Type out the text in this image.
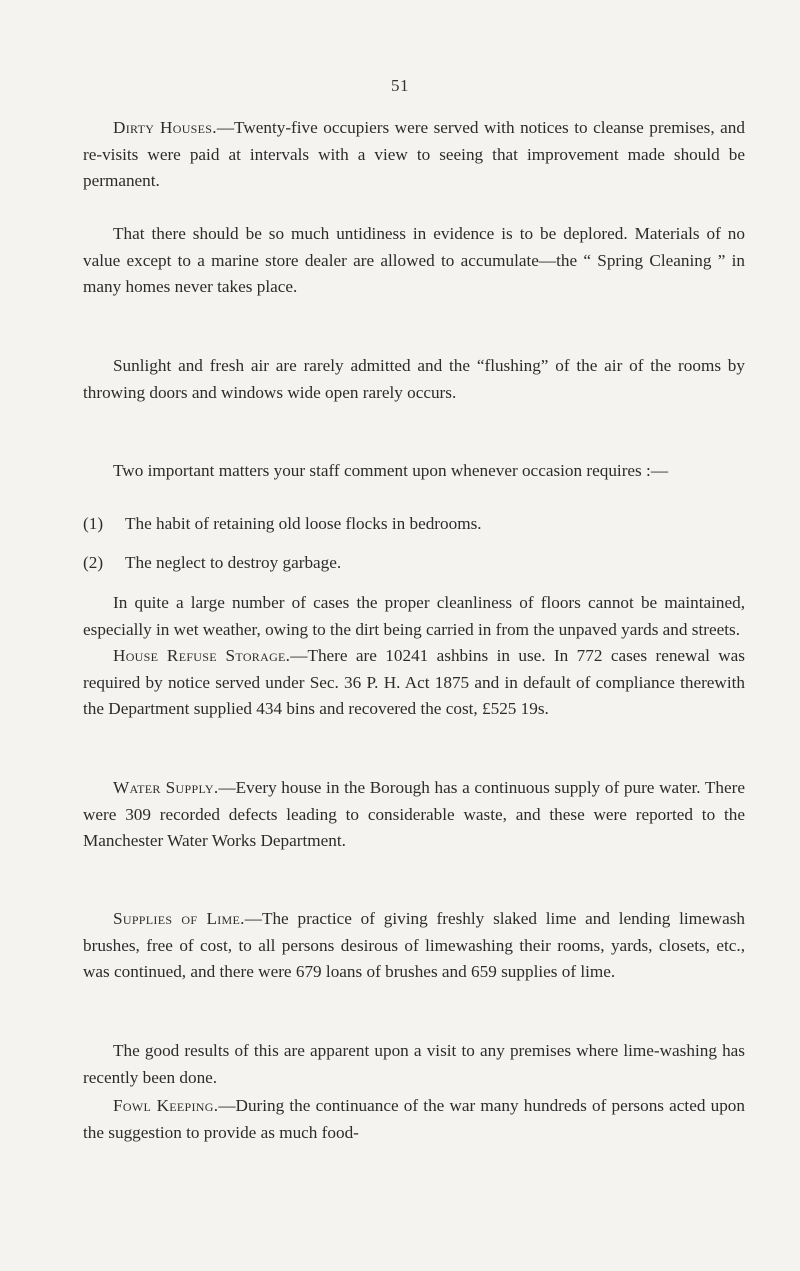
51

Dirty Houses.—Twenty-five occupiers were served with notices to cleanse premises, and re-visits were paid at intervals with a view to seeing that improvement made should be permanent.

That there should be so much untidiness in evidence is to be deplored. Materials of no value except to a marine store dealer are allowed to accumulate—the “ Spring Cleaning ” in many homes never takes place.

Sunlight and fresh air are rarely admitted and the “flushing” of the air of the rooms by throwing doors and windows wide open rarely occurs.

Two important matters your staff comment upon whenever occasion requires :—

(1) The habit of retaining old loose flocks in bedrooms.
(2) The neglect to destroy garbage.

In quite a large number of cases the proper cleanliness of floors cannot be maintained, especially in wet weather, owing to the dirt being carried in from the unpaved yards and streets.

House Refuse Storage.—There are 10241 ashbins in use. In 772 cases renewal was required by notice served under Sec. 36 P. H. Act 1875 and in default of compliance therewith the Department supplied 434 bins and recovered the cost, £525 19s.

Water Supply.—Every house in the Borough has a continuous supply of pure water. There were 309 recorded defects leading to considerable waste, and these were reported to the Manchester Water Works Department.

Supplies of Lime.—The practice of giving freshly slaked lime and lending limewash brushes, free of cost, to all persons desirous of limewashing their rooms, yards, closets, etc., was continued, and there were 679 loans of brushes and 659 supplies of lime.

The good results of this are apparent upon a visit to any premises where lime-washing has recently been done.

Fowl Keeping.—During the continuance of the war many hundreds of persons acted upon the suggestion to provide as much food-
